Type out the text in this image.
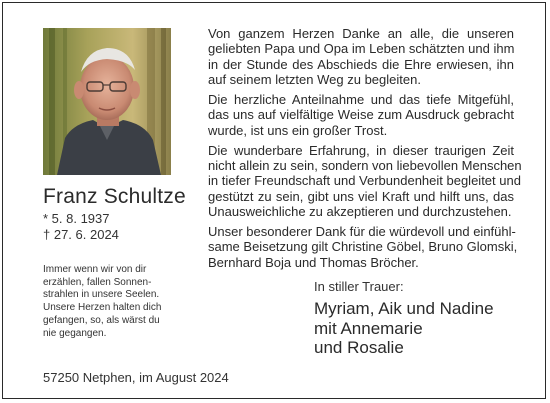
Franz Schultze
* 5. 8. 1937
† 27. 6. 2024
Immer wenn wir von dir
erzählen, fallen Sonnen-
strahlen in unsere Seelen.
Unsere Herzen halten dich
gefangen, so, als wärst du
nie gegangen.
57250 Netphen, im August 2024
Von ganzem Herzen Danke an alle, die unseren
geliebten Papa und Opa im Leben schätzten und ihm
in der Stunde des Abschieds die Ehre erwiesen, ihn
auf seinem letzten Weg zu begleiten.
Die herzliche Anteilnahme und das tiefe Mitgefühl,
das uns auf vielfältige Weise zum Ausdruck gebracht
wurde, ist uns ein großer Trost.
Die wunderbare Erfahrung, in dieser traurigen Zeit
nicht allein zu sein, sondern von liebevollen Menschen
in tiefer Freundschaft und Verbundenheit begleitet und
gestützt zu sein, gibt uns viel Kraft und hilft uns, das
Unausweichliche zu akzeptieren und durchzustehen.
Unser besonderer Dank für die würdevoll und einfühl-
same Beisetzung gilt Christine Göbel, Bruno Glomski,
Bernhard Boja und Thomas Bröcher.
In stiller Trauer:
Myriam, Aik und Nadine
mit Annemarie
und Rosalie
